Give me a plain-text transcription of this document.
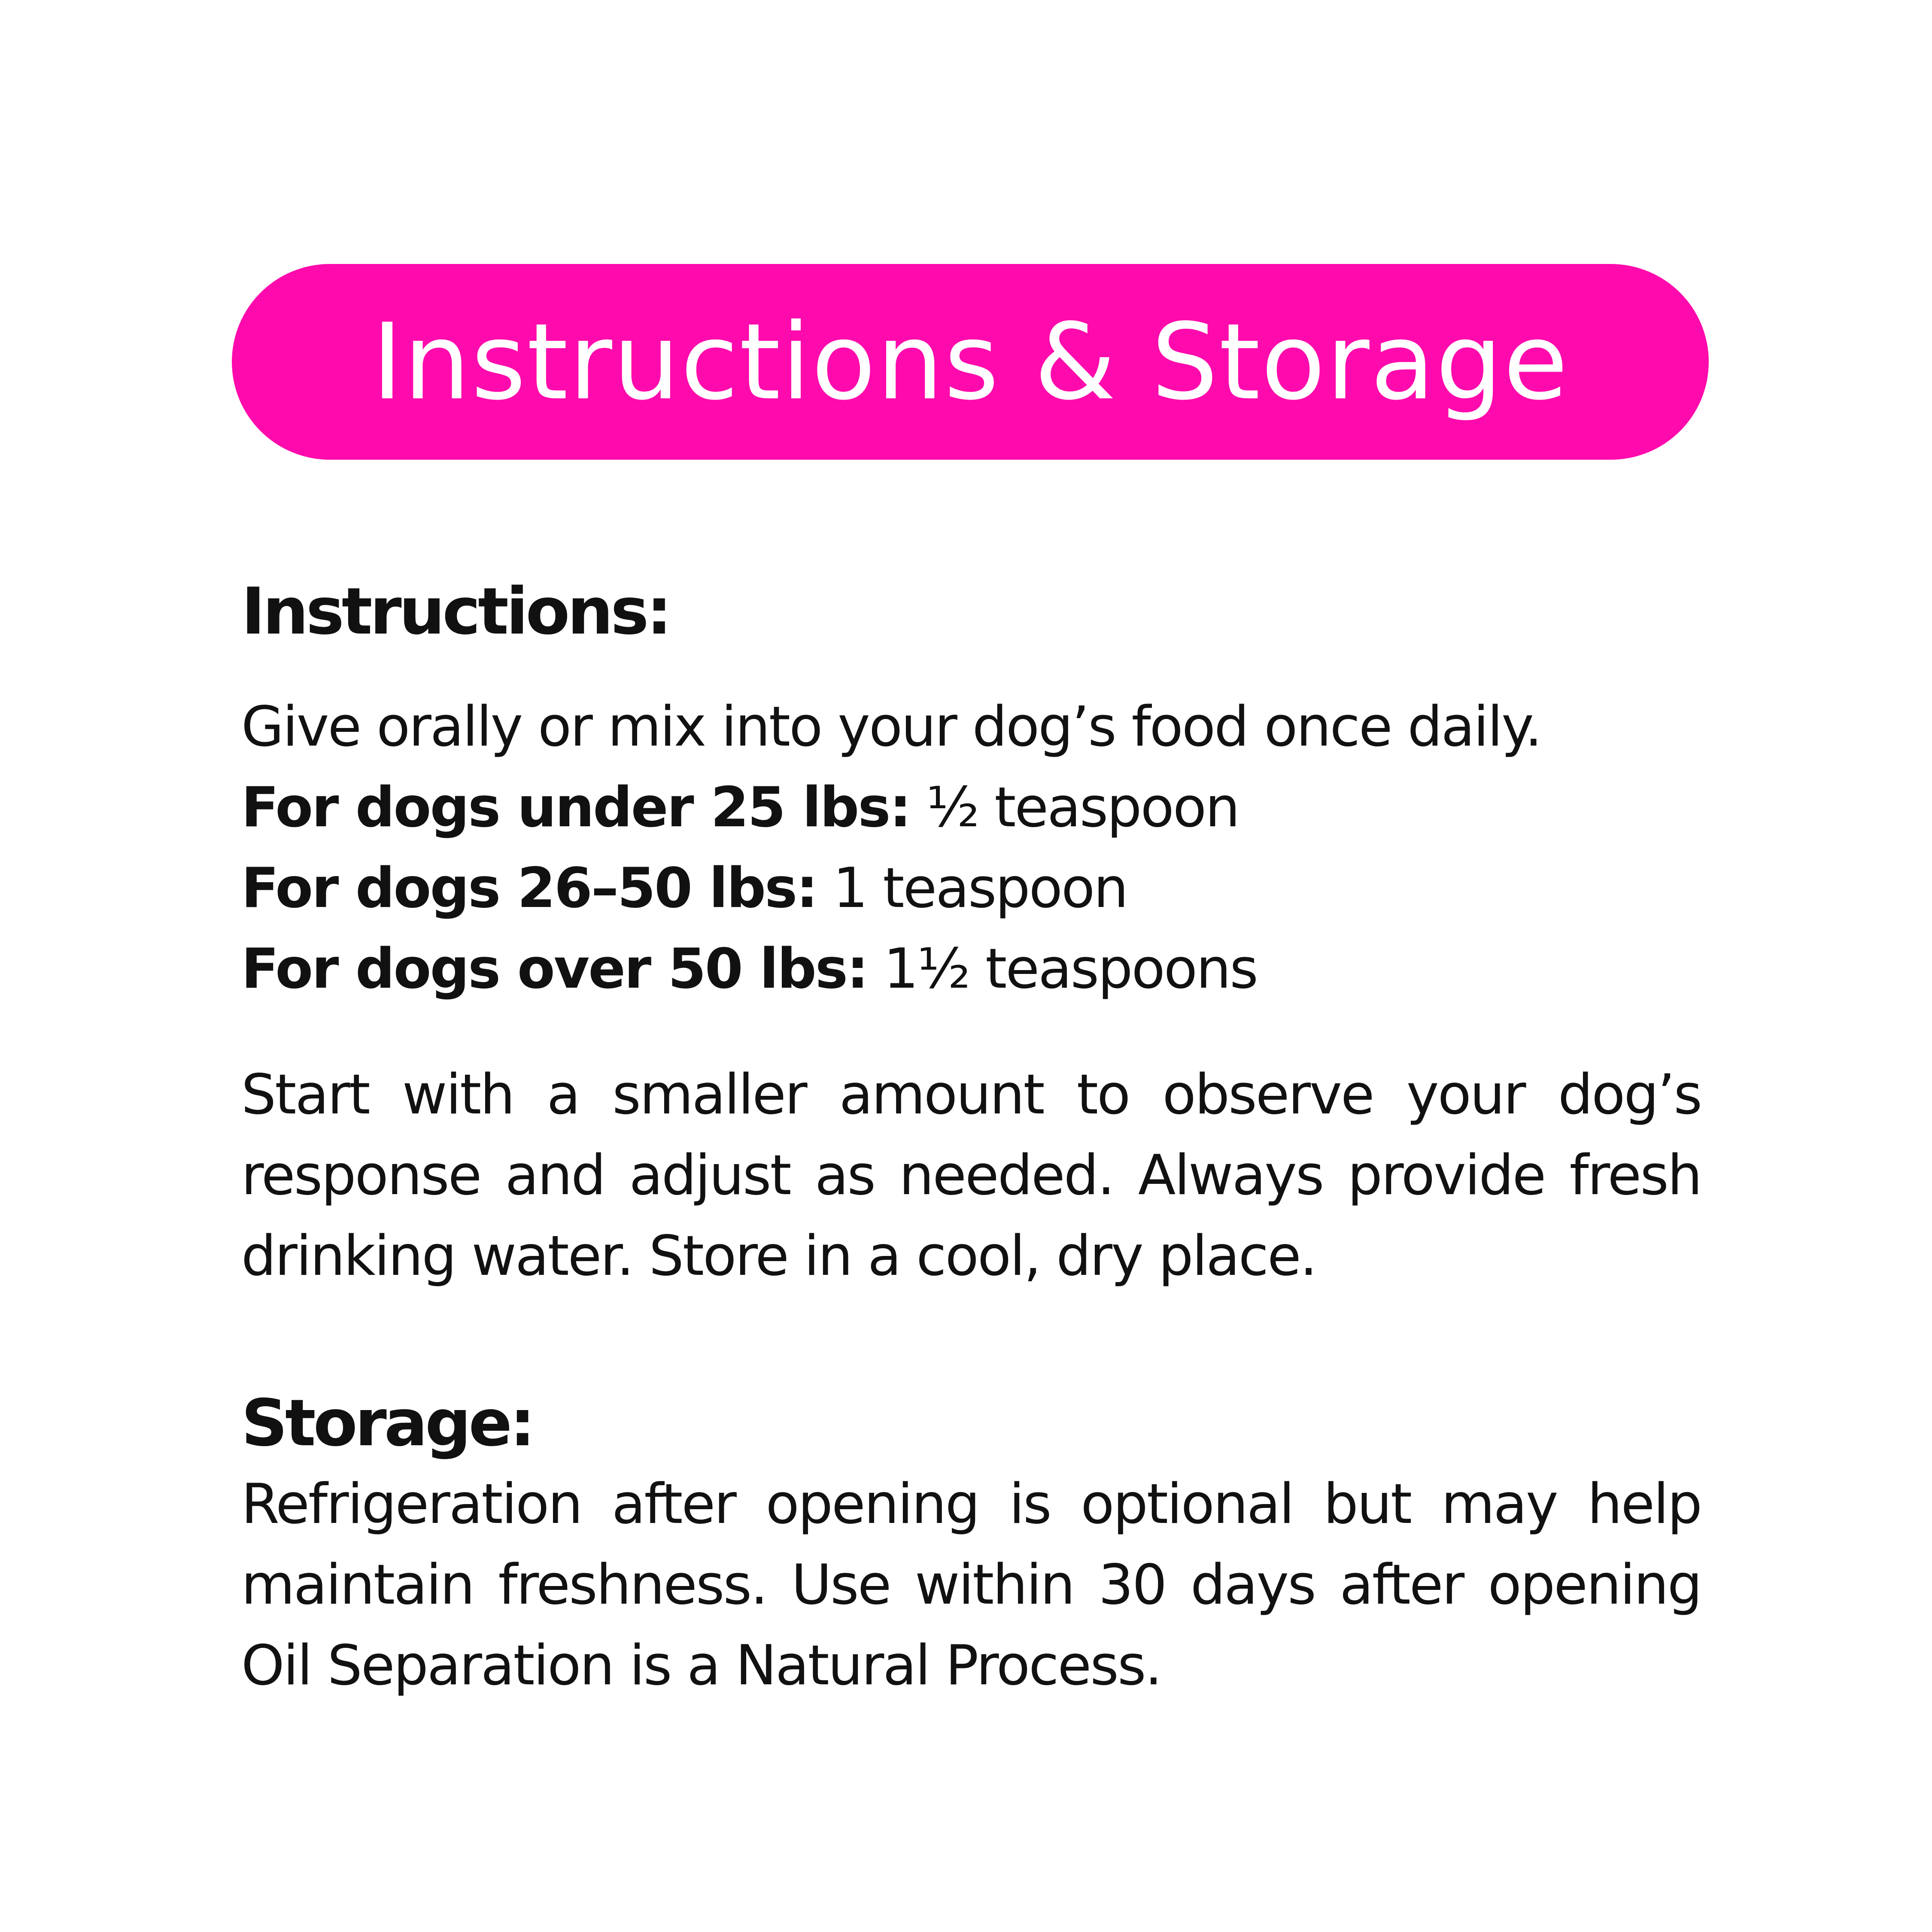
Instructions & Storage
Instructions:

Give orally or mix into your dog’s food once daily.

For dogs under 25 lbs: ½ teaspoon

For dogs 26–50 lbs: 1 teaspoon

For dogs over 50 lbs: 1½ teaspoons

Start with a smaller amount to observe your dog’s response and adjust as needed. Always provide fresh drinking water. Store in a cool, dry place.

Storage:

Refrigeration after opening is optional but may help maintain freshness. Use within 30 days after opening Oil Separation is a Natural Process.
